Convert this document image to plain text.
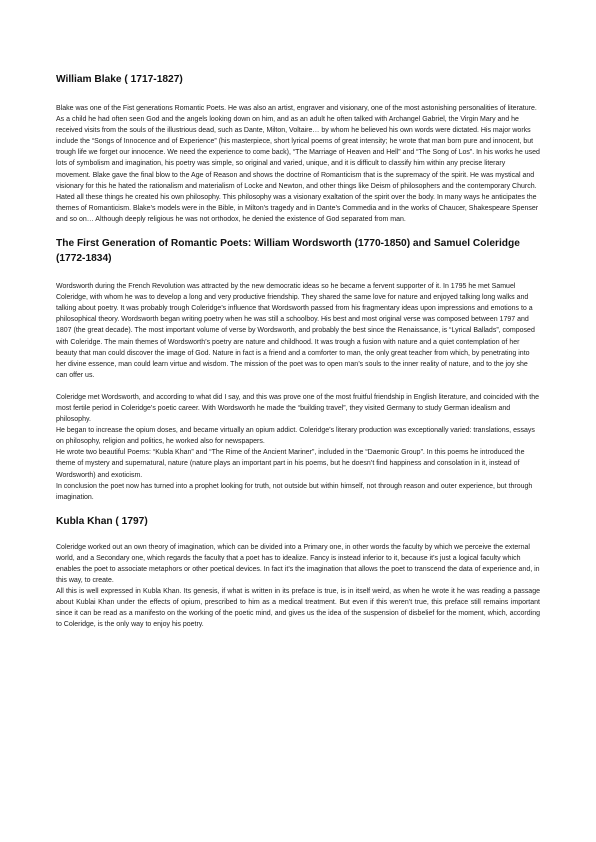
William Blake ( 1717-1827)

Blake was one of the Fist generations Romantic Poets. He was also an artist, engraver and visionary, one of the most astonishing personalities of literature. As a child he had often seen God and the angels looking down on him, and as an adult he often talked with Archangel Gabriel, the Virgin Mary and he received visits from the souls of the illustrious dead, such as Dante, Milton, Voltaire… by whom he believed his own words were dictated. His major works include the “Songs of Innocence and of Experience” (his masterpiece, short lyrical poems of great intensity; he wrote that man born pure and innocent, but trough life we forget our innocence. We need the experience to come back), “The Marriage of Heaven and Hell” and “The Song of Los”. In his works he used lots of symbolism and imagination, his poetry was simple, so original and varied, unique, and it is difficult to classify him within any precise literary movement. Blake gave the final blow to the Age of Reason and shows the doctrine of Romanticism that is the supremacy of the spirit. He was mystical and visionary for this he hated the rationalism and materialism of Locke and Newton, and other things like Deism of philosophers and the contemporary Church. Hated all these things he created his own philosophy. This philosophy was a visionary exaltation of the spirit over the body. In many ways he anticipates the themes of Romanticism. Blake’s models were in the Bible, in Milton’s tragedy and in Dante’s Commedia and in the works of Chaucer, Shakespeare Spenser and so on… Although deeply religious he was not orthodox, he denied the existence of God separated from man.

The First Generation of Romantic Poets: William Wordsworth (1770-1850) and Samuel Coleridge (1772-1834)

Wordsworth during the French Revolution was attracted by the new democratic ideas so he became a fervent supporter of it. In 1795 he met Samuel Coleridge, with whom he was to develop a long and very productive friendship. They shared the same love for nature and enjoyed talking long walks and talking about poetry. It was probably trough Coleridge’s influence that Wordsworth passed from his fragmentary ideas upon impressions and emotions to a philosophical theory. Wordsworth began writing poetry when he was still a schoolboy. His best and most original verse was composed between 1797 and 1807 (the great decade). The most important volume of verse by Wordsworth, and probably the best since the Renaissance, is “Lyrical Ballads”, composed with Coleridge. The main themes of Wordsworth’s poetry are nature and childhood. It was trough a fusion with nature and a quiet contemplation of her beauty that man could discover the image of God. Nature in fact is a friend and a comforter to man, the only great teacher from which, by penetrating into her divine essence, man could learn virtue and wisdom. The mission of the poet was to open man’s souls to the inner reality of nature, and to the joy she can offer us.

Coleridge met Wordsworth, and according to what did I say, and this was prove one of the most fruitful friendship in English literature, and coincided with the most fertile period in Coleridge’s poetic career. With Wordsworth he made the “building travel”, they visited Germany to study German idealism and philosophy.
He began to increase the opium doses, and became virtually an opium addict. Coleridge’s literary production was exceptionally varied: translations, essays on philosophy, religion and politics, he worked also for newspapers.
He wrote two beautiful Poems: “Kubla Khan” and “The Rime of the Ancient Mariner”, included in the “Daemonic Group”. In this poems he introduced the theme of mystery and supernatural, nature (nature plays an important part in his poems, but he doesn’t find happiness and consolation in it, instead of Wordsworth) and exoticism.
In conclusion the poet now has turned into a prophet looking for truth, not outside but within himself, not through reason and outer experience, but through imagination.

Kubla Khan ( 1797)

Coleridge worked out an own theory of imagination, which can be divided into a Primary one, in other words the faculty by which we perceive the external world, and a Secondary one, which regards the faculty that a poet has to idealize. Fancy is instead inferior to it, because it’s just a logical faculty which enables the poet to associate metaphors or other poetical devices. In fact it’s the imagination that allows the poet to transcend the data of experience and, in this way, to create.

All this is well expressed in Kubla Khan. Its genesis, if what is written in its preface is true, is in itself weird, as when he wrote it he was reading a passage about Kublai Khan under the effects of opium, prescribed to him as a medical treatment. But even if this weren’t true, this preface still remains important since it can be read as a manifesto on the working of the poetic mind, and gives us the idea of the suspension of disbelief for the moment, which, according to Coleridge, is the only way to enjoy his poetry.
